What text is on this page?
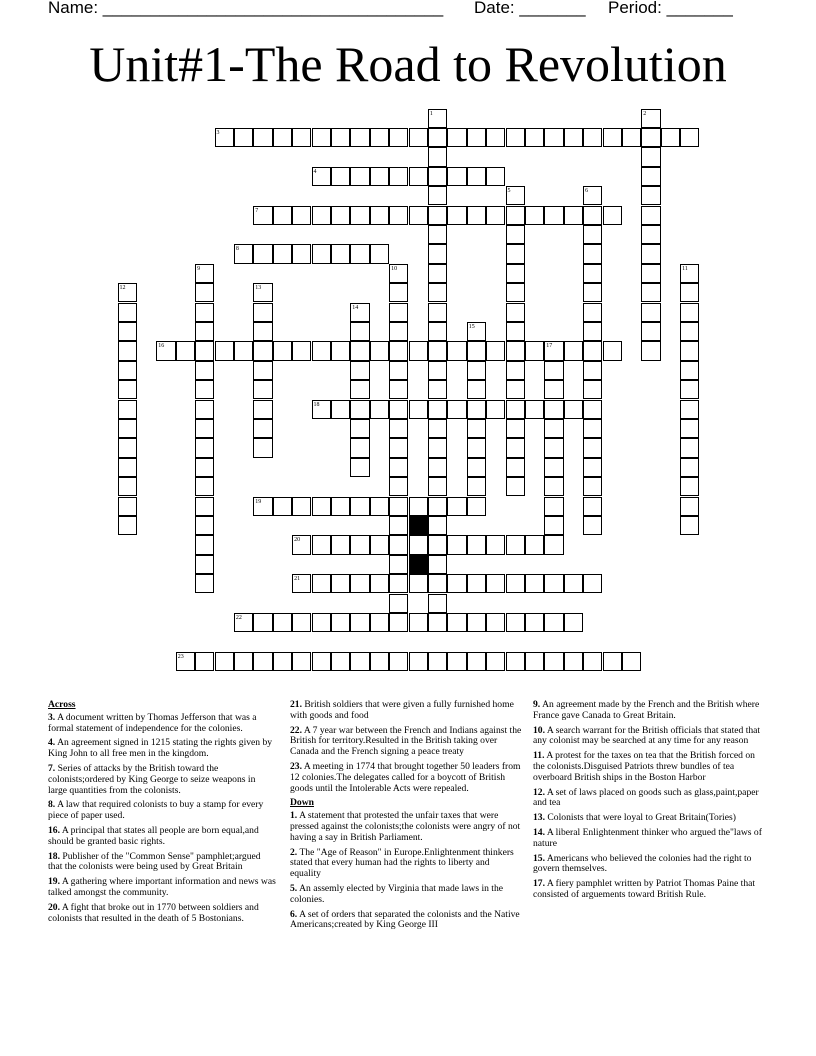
Name: ____________________________________ Date: _______ Period: _______
Unit#1-The Road to Revolution
3
4
7
8
16	17
18
19
20
21
22
23
1	2
5	6
9	10	11
12	13
14
15
Across
3. A document written by Thomas Jefferson that was a formal statement of independence for the colonies.
4. An agreement signed in 1215 stating the rights given by King John to all free men in the kingdom.
7. Series of attacks by the British toward the colonists;ordered by King George to seize weapons in large quantities from the colonists.
8. A law that required colonists to buy a stamp for every piece of paper used.
16. A principal that states all people are born equal,and should be granted basic rights.
18. Publisher of the "Common Sense" pamphlet;argued that the colonists were being used by Great Britain
19. A gathering where important information and news was talked amongst the community.
20. A fight that broke out in 1770 between soldiers and colonists that resulted in the death of 5 Bostonians.
21. British soldiers that were given a fully furnished home with goods and food
22. A 7 year war between the French and Indians against the British for territory.Resulted in the British taking over Canada and the French signing a peace treaty
23. A meeting in 1774 that brought together 50 leaders from 12 colonies.The delegates called for a boycott of British goods until the Intolerable Acts were repealed.
Down
1. A statement that protested the unfair taxes that were pressed against the colonists;the colonists were angry of not having a say in British Parliament.
2. The "Age of Reason" in Europe.Enlightenment thinkers stated that every human had the rights to liberty and equality
5. An assemly elected by Virginia that made laws in the colonies.
6. A set of orders that separated the colonists and the Native Americans;created by King George III
9. An agreement made by the French and the British where France gave Canada to Great Britain.
10. A search warrant for the British officials that stated that any colonist may be searched at any time for any reason
11. A protest for the taxes on tea that the British forced on the colonists.Disguised Patriots threw bundles of tea overboard British ships in the Boston Harbor
12. A set of laws placed on goods such as glass,paint,paper and tea
13. Colonists that were loyal to Great Britain(Tories)
14. A liberal Enlightenment thinker who argued the"laws of nature
15. Americans who believed the colonies had the right to govern themselves.
17. A fiery pamphlet written by Patriot Thomas Paine that consisted of arguements toward British Rule.
